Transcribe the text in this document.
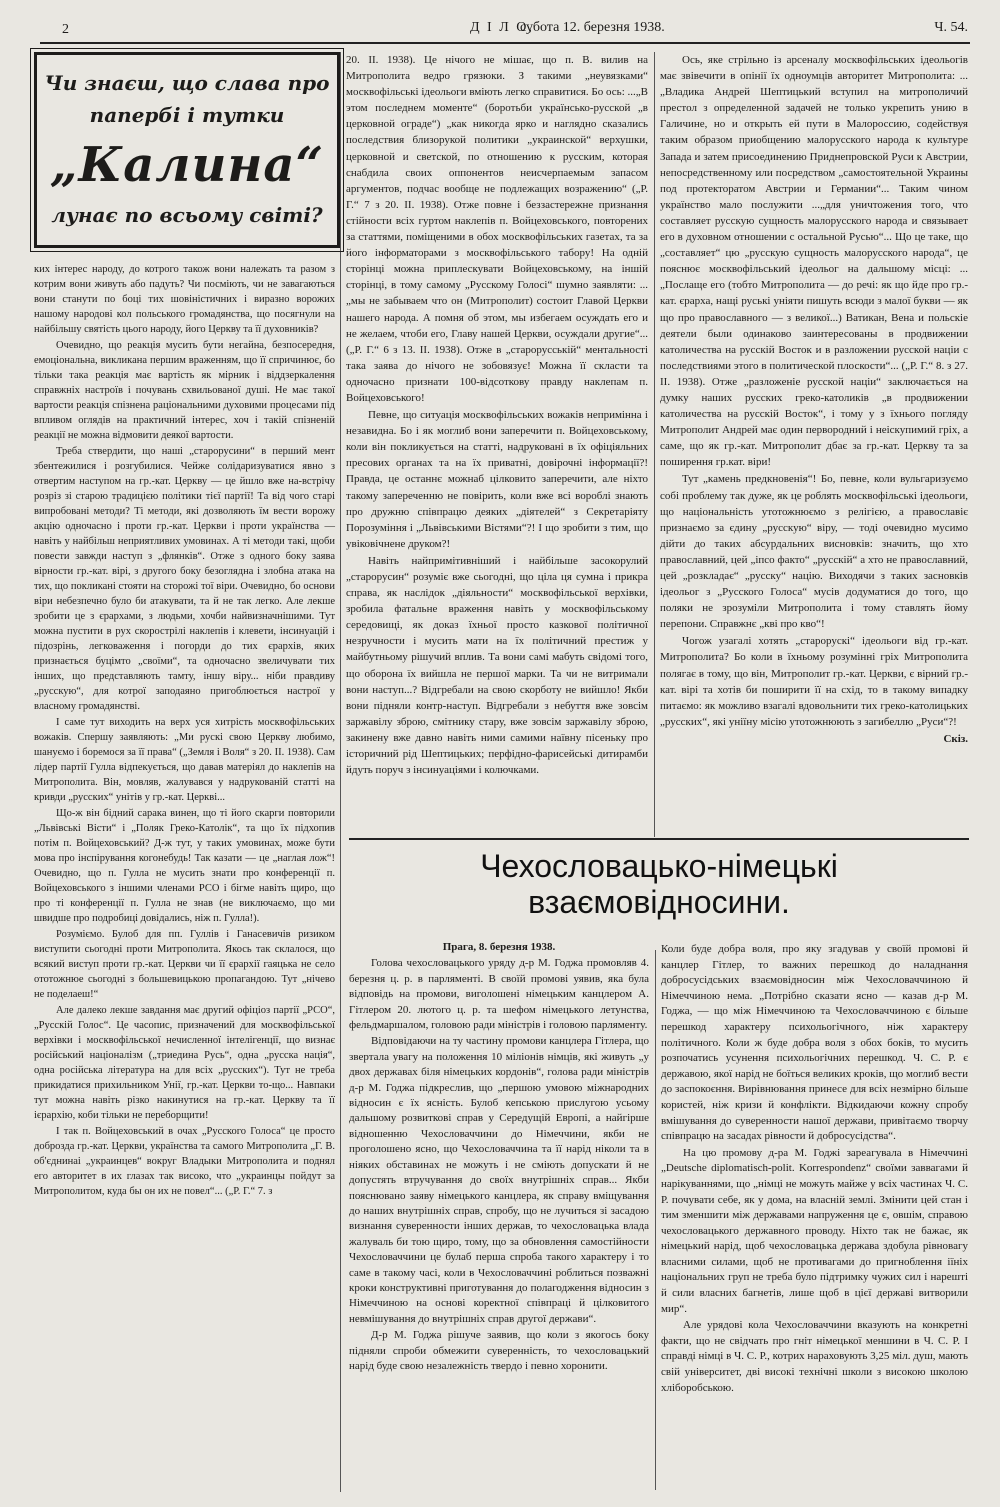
2	Д І Л О,
субота 12. березня 1938.	Ч. 54.
Чи знаєш, що слава про
папербі і тутки
„Калина“
лунає по всьому світі?

ких інтерес народу, до котрого також вони належать та разом з котрим вони живуть або падуть? Чи посміють, чи не завагаються вони станути по боці тих шовіністичних і виразно ворожих нашому народові кол польського громадянства, що посягнули на найбільшу святість цього народу, його Церкву та її духовників?

Очевидно, що реакція мусить бути негайна, безпосередня, емоціональна, викликана першим враженням, що її спричинює, бо тільки така реакція має вартість як мірник і віддзеркалення справжніх настроїв і почувань схвильованої душі. Не має такої вартости реакція спізнена раціональними духовими процесами під впливом оглядів на практичний інтерес, хоч і такій спізненій реакції не можна відмовити деякої вартости.

Треба ствердити, що наші „старорусини“ в перший мент збентежилися і розгубилися. Чейже солідаризуватися явно з отвертим наступом на гр.-кат. Церкву — це йшло вже на-встрічу розріз зі старою традицією політики тієї партії! Та від чого старі випробовані методи? Ті методи, які дозволяють їм вести ворожу акцію одночасно і проти гр.-кат. Церкви і проти українства — навіть у найбільш неприятливих умовинах. А ті методи такі, щоби повести завжди наступ з „флянків“. Отже з одного боку заява вірности гр.-кат. вірі, з другого боку безоглядна і злобна атака на тих, що покликані стояти на сторожі тої віри. Очевидно, бо основи віри небезпечно було би атакувати, та й не так легко. Але лекше зробити це з єрархами, з людьми, хочби найвизначнішими. Тут можна пустити в рух скорострілі наклепів і клевети, інсинуацій і підозрінь, легковаження і погорди до тих єрархів, яких признається буцімто „своїми“, та одночасно звеличувати тих інших, що представляють тамту, іншу віру... ніби правдиву „русскую“, для котрої заподаяно пригоблюється настрої у власному громадянстві.

І саме тут виходить на верх уся хитрість москвофільських вожаків. Спершу заявляють: „Ми рускі свою Церкву любимо, шануємо і боремося за її права“ („Земля і Воля“ з 20. II. 1938). Сам лідер партії Гулла відпекується, що давав матеріял до наклепів на Митрополита. Він, мовляв, жалувався у надрукованій статті на кривди „русских“ унітів у гр.-кат. Церкві...

Що-ж він бідний сарака винен, що ті його скарги повторили „Львівські Вісти“ і „Поляк Греко-Католік“, та що їх підхопив потім п. Войцеховський? Д-ж тут, у таких умовинах, може бути мова про інспірування когонебудь! Так казати — це „наглая лож“! Очевидно, що п. Гулла не мусить знати про конференції п. Войцеховського з іншими членами РСО і бігме навіть щиро, що про ті конференції п. Гулла не знав (не виключаємо, що ми швидше про подробиці довідались, ніж п. Гулла!).

Розуміємо. Булоб для пп. Гуллів і Ганасевичів ризиком виступити сьогодні проти Митрополита. Якось так склалося, що всякий виступ проти гр.-кат. Церкви чи її єрархії гаяцька не село ототожнюе сьогодні з большевицькою пропагандою. Тут „нічево не поделаеш!“

Але далеко лекше завдання має другий офіціоз партії „РСО“, „Русскій Голос“. Це часопис, призначений для москвофільської верхівки і москвофільської нечисленної інтелігенції, що визнає російський націоналізм („триедина Русь“, одна „русска нація“, одна російська література на для всіх „русских“). Тут не треба прикидатися прихильником Унії, гр.-кат. Церкви то-що... Навпаки тут можна навіть різко накинутися на гр.-кат. Церкву та її ієрархію, коби тільки не переборщити!

І так п. Войцеховський в очах „Русского Голоса“ це просто доброзда гр.-кат. Церкви, українства та самого Митрополита „Г. В. об'єднинаі „украинцев“ вокруг Владыки Митрополита и поднял его авторитет в их глазах так високо, что „украинцы пойдут за Митрополитом, куда бы он их не повел“... („Р. Г.“ 7. з

20. II. 1938). Це нічого не мішає, що п. В. вилив на Митрополита ведро грязюки. З такими „неувязками“ москвофільські ідеольоги вміють легко справитися. Бо ось: ...„В этом последнем моменте“ (боротьби українсько-русской „в церковной ограде“) „как никогда ярко и наглядно сказались последствия близорукой политики „украинской“ верхушки, церковной и светской, по отношению к русским, которая снабдила своих оппонентов неисчерпаемым запасом аргументов, подчас вообще не подлежащих возражению“ („Р. Г.“ 7 з 20. II. 1938). Отже повне і беззастережне признання стійности всіх гуртом наклепів п. Войцеховського, повторених за статтями, поміщеними в обох москвофільських газетах, та за його інформаторами з москвофільського табору! На одній сторінці можна приплескувати Войцеховському, на іншій сторінці, в тому самому „Русскому Голосі“ шумно заявляти: ...„мы не забываем что он (Митрополит) состоит Главой Церкви нашего народа. А помня об этом, мы избегаем осуждать его и не желаем, чтоби его, Главу нашей Церкви, осуждали другие“... („Р. Г.“ 6 з 13. II. 1938). Отже в „старорусській“ ментальності така заява до нічого не зобовязує! Можна її скласти та одночасно признати 100-відсоткову правду наклепам п. Войцеховського!

Певне, що ситуація москвофільських вожаків непримінна і незавидна. Бо і як моглиб вони заперечити п. Войцеховському, коли він покликується на статті, надруковані в їх офіціяльних пресових органах та на їх приватні, довірочні інформації?! Правда, це останнє можнаб цілковито заперечити, але ніхто такому запереченню не повірить, коли вже всі вороблі знають про дружню співпрацю деяких „діятелей“ з Секретаріяту Порозуміння і „Львівськими Вістями“?! І що зробити з тим, що увіковічнене друком?!

Навіть найпримітивніший і найбільше засокорулий „старорусин“ розуміє вже сьогодні, що ціла ця сумна і прикра справа, як наслідок „діяльности“ москвофільської верхівки, зробила фатальне враження навіть у москвофільському середовищі, як доказ їхньої просто казкової політичної незручности і мусить мати на їх політичний престиж у майбутньому рішучий вплив. Та вони самі мабуть свідомі того, що оборона їх вийшла не першої марки. Та чи не витримали вони наступ...? Відгребали на свою скорботу не вийшло! Якби вони підняли контр-наступ. Відгребали з небуття вже зовсім заржавілу зброю, смітнику стару, вже зовсім заржавілу зброю, закинену вже давно навіть ними самими наївну пісеньку про історичний рід Шептицьких; перфідно-фарисейські дитирамби йдуть поруч з інсинуаціями і колючками.

Ось, яке стрільно із арсеналу москвофільських ідеольогів має звівечити в опінії їх одноумців авторитет Митрополита: ...„Владика Андрей Шептицький вступил на митрополичий престол з определенной задачей не только укрепить унию в Галичине, но и открыть ей пути в Малороссию, содействуя таким образом приобщению малорусского народа к культуре Запада и затем присоединению Приднепровской Руси к Австрии, непосредственному или посредством „самостоятельной Украины под протекторатом Австрии и Германии“... Таким чином українство мало послужити ...„для уничтожения того, что составляет русскую сущность малорусского народа и связывает его в духовном отношении с остальной Русью“... Що це таке, що „составляет“ цю „русскую сущность малорусского народа“, це пояснює москвофільський ідеольог на дальшому місці: ...„Послаще его (тобто Митрополита — до речі: як що йде про гр.-кат. єрарха, нащі руські уніяти пишуть всюди з малої букви — як що про православного — з великої...) Ватикан, Вена и польскіе деятели были одинаково заинтересованы в продвижении католичества на русскій Восток и в разложении русской націи с последствиями этого в политической плоскости“... („Р. Г.“ 8. з 27. II. 1938). Отже „разложеніе русской націи“ заключається на думку наших русских греко-католиків „в продвижении католичества на русскій Восток“, і тому у з їхнього погляду Митрополит Андрей має один первородний і неіскупимий гріх, а саме, що як гр.-кат. Митрополит дбає за гр.-кат. Церкву та за поширення гр.кат. віри!

Тут „камень предкновенія“! Бо, певне, коли вульгаризуємо собі проблему так дуже, як це роблять москвофільські ідеольоги, що національність утотожнюємо з релігією, а православіє признаємо за єдину „русскую“ віру, — тоді очевидно мусимо дійти до таких абсурдальних висновків: значить, що хто православний, цей „іпсо факто“ „русскій“ а хто не православний, цей „розкладає“ „русску“ націю. Виходячи з таких засновків ідеольог з „Русского Голоса“ мусів додуматися до того, що поляки не зрозуміли Митрополита і тому ставлять йому перепони. Справжнє „кві про кво“!

Чогож узагалі хотять „старорускі“ ідеольоги від гр.-кат. Митрополита? Бо коли в їхньому розумінні гріх Митрополита полягає в тому, що він, Митрополит гр.-кат. Церкви, є вірний гр.-кат. вірі та хотів би поширити її на схід, то в такому випадку питаємо: як можливо взагалі вдовольнити тих греко-католицьких „русских“, які уніїну місію утотожнюють з загибеллю „Руси“?!

Скіз.

Чехословацько-німецькі
взаємовідносини.

Прага, 8. березня 1938.

Голова чехословацького уряду д-р М. Годжа промовляв 4. березня ц. р. в парляменті. В своїй промові уявив, яка була відповідь на промови, виголошені німецьким канцлером А. Гітлером 20. лютого ц. р. та шефом німецького летунства, фельдмаршалом, головою ради міністрів і головою парляменту.

Відповідаючи на ту частину промови канцлера Гітлера, що звертала увагу на положення 10 міліонів німців, які живуть „у двох державах біля німецьких кордонів“, голова ради міністрів д-р М. Годжа підкреслив, що „першою умовою міжнародних відносин є їх ясність. Булоб кепською прислугою усьому дальшому розвиткові справ у Середущій Европі, а найгірше відношенню Чехословаччини до Німеччини, якби не проголошено ясно, що Чехословаччина та її нарід ніколи та в ніяких обставинах не можуть і не сміють допускати й не допустять втручування до своїх внутрішніх справ... Якби пояснювано заяву німецького канцлера, як справу вміщування до наших внутрішніх справ, спробу, що не лучиться зі засадою визнання суверенности інших держав, то чехословацька влада жалуваль би тою щиро, тому, що за обновлення самостійности Чехословаччини це булаб перша спроба такого характеру і то саме в такому часі, коли в Чехословаччині роблиться позважні кроки конструктивні приготування до полагодження відносин з Німеччиною на основі коректної співпраці й цілковитого невмішування до внутрішніх справ другої держави“.

Д-р М. Годжа рішуче заявив, що коли з якогось боку підняли спроби обмежити суверенність, то чехословацький нарід буде свою незалежність твердо і певно хоронити.

Коли буде добра воля, про яку згадував у своїй промові й канцлер Гітлер, то важних перешкод до наладнання добросусідських взаємовідносин між Чехословаччиною й Німеччиною нема. „Потрібно сказати ясно — казав д-р М. Годжа, — що між Німеччиною та Чехословаччиною є більше перешкод характеру психольогічного, ніж характеру політичного. Коли ж буде добра воля з обох боків, то мусить розпочатись усунення психольогічних перешкод. Ч. С. Р. є державою, якої нарід не боїться великих кроків, що моглиб вести до заспокоєння. Вирівнювання принесе для всіх незмірно більше користей, ніж кризи й конфлікти. Відкидаючи кожну спробу вмішування до суверенности нашої держави, привітаємо творчу співпрацю на засадах рівности й добросусідства“.

На цю промову д-ра М. Годжі зареагувала в Німеччині „Deutsche diplomatisch-polit. Korrespondenz“ своїми заввагами й нарікуваннями, що „німці не можуть майже у всіх частинах Ч. С. Р. почувати себе, як у дома, на власній землі. Змінити цей стан і тим зменшити між державами напруження це є, овшім, справою чехословацького державного проводу. Ніхто так не бажає, як німецький нарід, щоб чехословацька держава здобула рівновагу власними силами, щоб не противагами до пригноблення іїніх національних груп не треба було підтримку чужих сил і нарешті й сили власних багнетів, лише щоб в цієї державі витворили мир“.

Але урядові кола Чехословаччини вказують на конкретні факти, що не свідчать про гніт німецької меншини в Ч. С. Р. І справді німці в Ч. С. Р., котрих нараховують 3,25 міл. душ, мають свій університет, дві високі технічні школи з високою школою хліборобською.
